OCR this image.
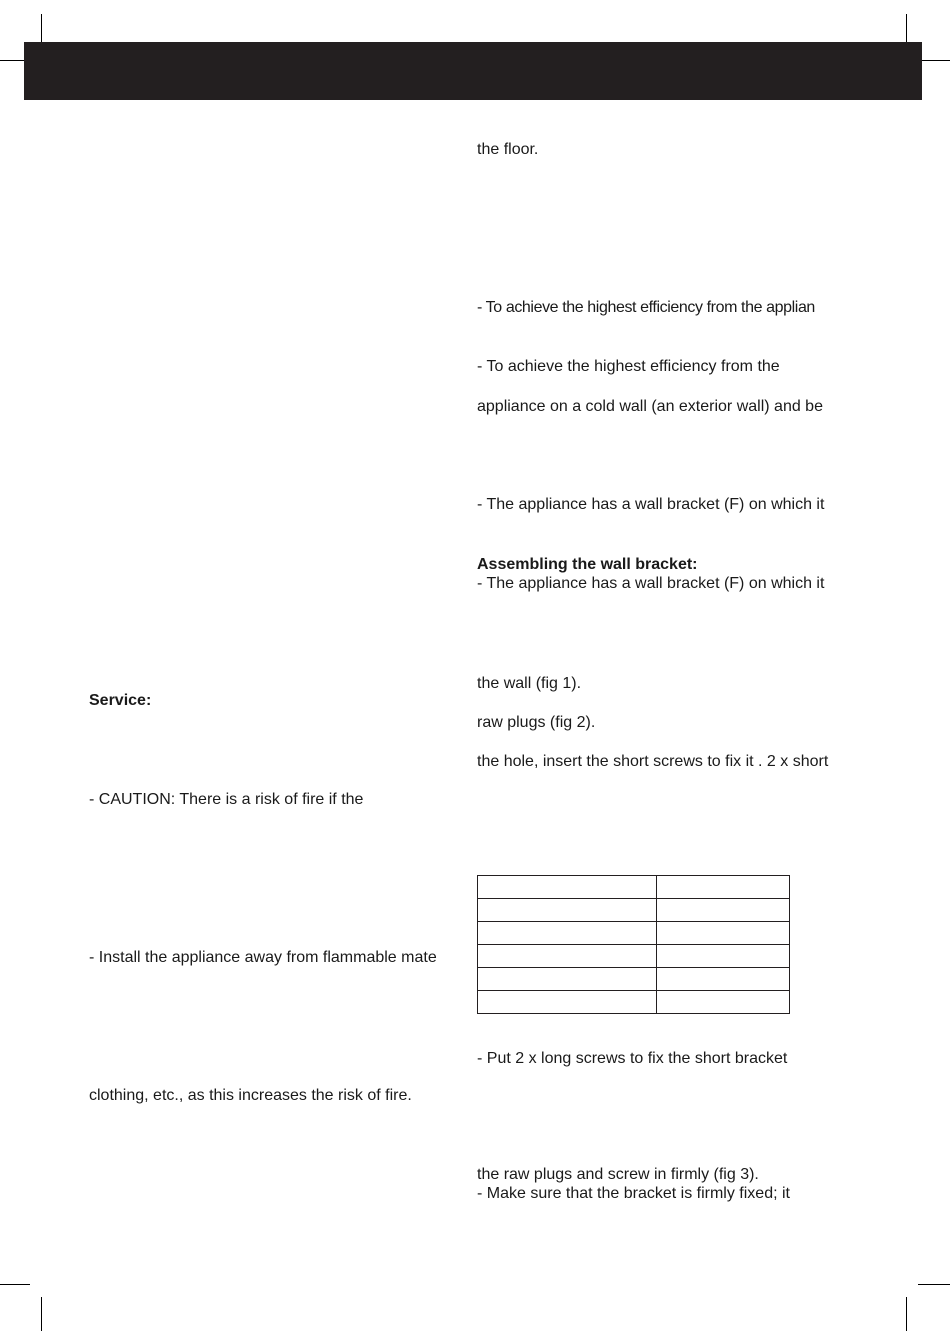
Service:

- CAUTION: There is a risk of fire if the

- Install the appliance away from flammable mate

clothing, etc., as this increases the risk of fire.

the floor.

- To achieve the highest efficiency from the applian

- To achieve the highest efficiency from the

appliance on a cold wall (an exterior wall) and be

- The appliance has a wall bracket (F) on which it

Assembling the wall bracket:

- The appliance has a wall bracket (F) on which it

the wall (fig 1).

raw plugs (fig 2).

the hole, insert the short screws to fix it . 2 x short

- Put 2 x long screws to fix the short bracket

the raw plugs and screw in firmly (fig 3).

- Make sure that the bracket is firmly fixed; it
